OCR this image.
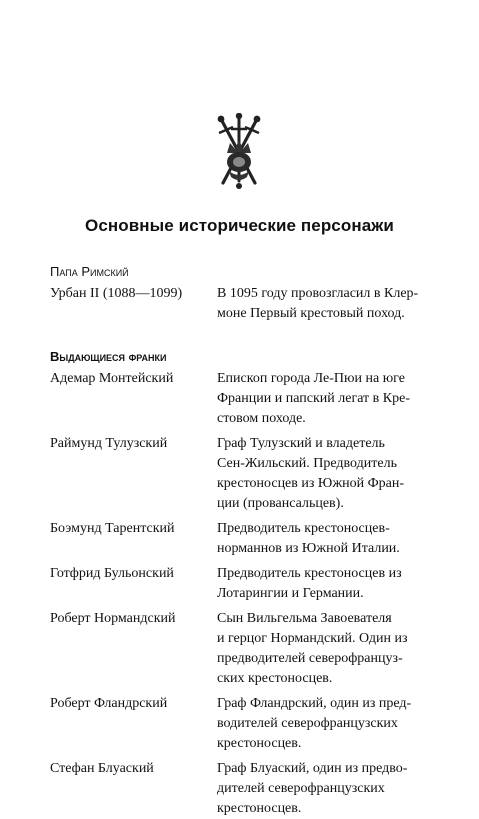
Основные исторические персонажи
Папа Римский
Урбан II (1088—1099)	В 1095 году провозгласил в Клер-
моне Первый крестовый поход.
Выдающиеся франки
Адемар Монтейский	Епископ города Ле-Пюи на юге
Франции и папский легат в Кре-
стовом походе.
Раймунд Тулузский	Граф Тулузский и владетель
Сен-Жильский. Предводитель
крестоносцев из Южной Фран-
ции (провансальцев).
Боэмунд Тарентский	Предводитель крестоносцев-
норманнов из Южной Италии.
Готфрид Бульонский	Предводитель крестоносцев из
Лотарингии и Германии.
Роберт Нормандский	Сын Вильгельма Завоевателя
и герцог Нормандский. Один из
предводителей северофранцуз-
ских крестоносцев.
Роберт Фландрский	Граф Фландрский, один из пред-
водителей северофранцузских
крестоносцев.
Стефан Блуаский	Граф Блуаский, один из предво-
дителей северофранцузских
крестоносцев.
